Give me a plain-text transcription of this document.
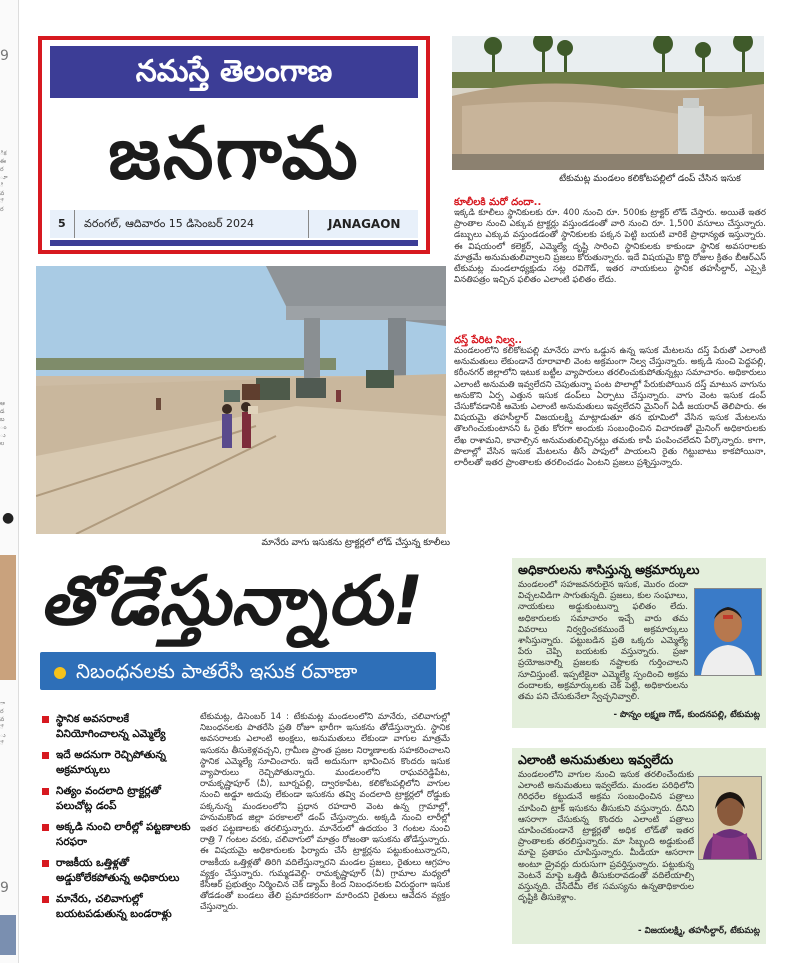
9
ిక
ఈ
ర
ూ
ి
వ
ే
ర
ఆ
డ
బ
ం
ు
ల
●
ా
ర
వ
ే
ు
ే
9
నమస్తే తెలంగాణ
జనగామ
5 వరంగల్, ఆదివారం 15 డిసెంబర్ 2024	JANAGAON
టేకుమట్ల మండలం కలికోటపల్లిలో డంప్ చేసిన ఇసుక
కూలీలకి మరో దందా..
ఇక్కడి కూలీలు స్థానికులకు రూ. 400 నుంచి రూ. 500కు ట్రాక్టర్ లోడ్ చేస్తారు. అయితే ఇతర ప్రాంతాల నుంచి ఎక్కువ ట్రాక్టర్లు వస్తుండడంతో వారి నుంచి రూ. 1,500 వసూలు చేస్తున్నారు. డబ్బులు ఎక్కువ వస్తుండడంతో స్థానికులకు పక్కన పెట్టి బయటి వారికే ప్రాధాన్యత ఇస్తున్నారు. ఈ విషయంలో కలెక్టర్, ఎమ్మెల్యే దృష్టి సారించి స్థానికులకు కాకుండా స్థానిక అవసరాలకు మాత్రమే అనుమతులివ్వాలని ప్రజలు కోరుతున్నారు. ఇదే విషయమై కొద్ది రోజుల క్రితం బీఆర్ఎస్ టేకుమట్ల మండలాధ్యక్షుడు సట్ల రవిగౌడ్, ఇతర నాయకులు స్థానిక తహసీల్దార్, ఎస్పైకి వినతిపత్రం ఇచ్చిన ఫలితం ఎలాంటి ఫలితం లేదు.
దస్త్ పేరిట నిల్వ..
మండలంలోని కలికోటపల్లి మానేరు వాగు ఒడ్డున ఉన్న ఇసుక మేటలను దస్త్ పేరుతో ఎలాంటి అనుమతులు లేకుండానే రూరావాలి వెంట అక్రమంగా నిల్వ చేస్తున్నారు. అక్కడి నుంచి పెద్దపల్లి, కరీంనగర్ జిల్లాలోని ఇటుక బట్టీల వ్యాపారులు తరలించుకుపోతున్నట్లు సమాచారం. అధికారులు ఎలాంటి అనుమతి ఇవ్వలేదని చెపుతున్నా పంట పొలాల్లో పేరుకుపోయిన దస్త్ మాటున వాగును అనుకొని ఏర్ప ఎత్తున ఇసుక డంప్‌లు ఏర్పాటు చేస్తున్నారు. వాగు వెంట ఇసుక డంప్ చేసుకోవడానికి ఆమెకు ఎలాంటి అనుమతులు ఇవ్వలేదని మైనింగ్ ఏడీ జయరావ్ తెలిపారు. ఈ విషయమై తహసీల్దార్ విజయలక్ష్మి మాట్లాడుతూ తన భూమిలో వేసిన ఇసుక మేటలను తొలగించుకుంటానని ఓ రైతు కోరగా అందుకు సంబంధించిన విచారణతో మైనింగ్ అధికారులకు లేఖ రాశామని, కావాల్సిన అనుమతులిచ్చినట్లు తమకు కాపీ పంపించలేదని పేర్కొన్నారు. కాగా, పొలాల్లో వేసిన ఇసుక మేటలను తీసే పాపులో పాయలని రైతు గిట్టుబాటు కాకపోయినా, లారీలతో ఇతర ప్రాంతాలకు తరలించడం ఏంటని ప్రజలు ప్రశ్నిస్తున్నారు.
మానేరు వాగు ఇసుకను ట్రాక్టర్లలో లోడ్ చేస్తున్న కూలీలు
తోడేస్తున్నారు!
నిబంధనలకు పాతరేసి ఇసుక రవాణా
స్థానిక అవసరాలకే వినియోగించాలన్న ఎమ్మెల్యే
ఇదే అదనుగా రెచ్చిపోతున్న అక్రమార్కులు
నిత్యం వందలాది ట్రాక్టర్లతో పలుచోట్ల డంప్
అక్కడి నుంచి లారీల్లో పట్టణాలకు సరఫరా
రాజకీయ ఒత్తిళ్లతో అడ్డుకోలేకపోతున్న అధికారులు
మానేరు, చలివాగుల్లో బయటపడుతున్న బండరాళ్లు
టేకుమట్ల, డిసెంబర్ 14 : టేకుమట్ల మండలంలోని మానేరు, చలివాగుల్లో నిబంధనలకు పాతరేసి ప్రతి రోజూ భారీగా ఇసుకను తోడేస్తున్నారు. స్థానిక అవసరాలకు ఎలాంటి అంక్షలు, అనుమతులు లేకుండా వాగుల మాత్రమే ఇసుకను తీసుకెళ్లవచ్చని, గ్రామీణ ప్రాంత ప్రజల నిర్మాణాలకు సహకరించాలని స్థానిక ఎమ్మెల్యే సూచించారు. ఇదే అదునుగా భావించిన కొందరు ఇసుక వ్యాపారులు రెచ్చిపోతున్నారు. మండలంలోని రాఘవరెడ్డిపేట, రామకృష్ణాపూర్ (వీ), బూర్నపల్లి, ద్వారకాపేట, కలికోటపల్లిలోని వాగుల నుంచి అడ్డూ అదుపు లేకుండా ఇసుకను తవ్వి వందలాది ట్రాక్టర్లలో రోడ్డుకు పక్కనున్న మండలంలోని ప్రధాన రహదారి వెంట ఉన్న గ్రామాల్లో, హనుమకొండ జిల్లా పరకాలలో డంప్ చేస్తున్నారు. అక్కడి నుంచి లారీల్లో ఇతర పట్టణాలకు తరలిస్తున్నారు. మానేరులో ఉదయం 3 గంటల నుంచి రాత్రి 7 గంటల వరకు, చలివాగులో మాత్రం రోజంతా ఇసుకను తోడేస్తున్నారు. ఈ విషయమై అధికారులకు ఫిర్యాదు చేసే ట్రాక్టర్లను పట్టుకుంటున్నారని, రాజకీయ ఒత్తిళ్లతో తిరిగి వదిలేస్తున్నారని మండల ప్రజలు, రైతులు ఆగ్రహం వ్యక్తం చేస్తున్నారు. గుమ్మడవెల్లి- రామకృష్ణాపూర్ (వీ) గ్రామాల మధ్యలో కేసీఆర్ ప్రభుత్వం నిర్మించిన చెక్ డ్యామ్ కింద నిబంధనలకు విరుద్ధంగా ఇసుక తోడడంతో బండలు తేలి ప్రమాదకరంగా మారిందని రైతులు ఆవేదన వ్యక్తం చేస్తున్నారు.
అధికారులను శాసిస్తున్న అక్రమార్కులు
మండలంలో సహజవనరులైన ఇసుక, మొరం దందా విచ్చలవిడిగా సాగుతున్నది. ప్రజలు, కుల సంఘాలు, నాయకులు అడ్డుకుంటున్నా ఫలితం లేదు. అధికారులకు సమాచారం ఇచ్చే వారు తమ వివరాలు నిర్వర్తించకముందే అక్రమార్కులు శాసిస్తున్నారు. పట్టుబడిన ప్రతి ఒక్కరు ఎమ్మెల్యే పేరు చెప్పి బయటకు వస్తున్నారు. ప్రజా ప్రయోజనాల్ని ప్రజలకు నష్టాలకు గుర్తించాలని సూచిస్తుంటే. ఇప్పటికైనా ఎమ్మెల్యే స్పందించి అక్రమ దందాలకు, అక్రమార్కులకు చెక్ పెట్టి, అధికారులను తమ పని చేసుకునేలా స్వేచ్ఛనివ్వాలి.
- పొన్నం లక్ష్మణ గౌడ్, కుందనపల్లి, టేకుమట్ల
ఎలాంటి అనుమతులు ఇవ్వలేదు
మండలంలోని వాగుల నుంచి ఇసుక తరలించేందుకు ఎలాంటి అనుమతులు ఇవ్వలేదు. మండల పరిధిలోని గిరిధరేల కట్టుడునే అక్రమ సంబంధించిన పత్రాలు చూపించి ట్రాక్ ఇసుకను తీసుకుని వస్తున్నారు. దీనిని ఆసరాగా చేసుకున్న కొందరు ఎలాంటి పత్రాలు చూపించకుండానే ట్రాక్టర్లతో అధిక లోడ్‌తో ఇతర ప్రాంతాలకు తరలిస్తున్నారు. మా సిబ్బంది అడ్డుకుంటే మాపై ప్రతాపం చూపిస్తున్నారు. మీడియా ఆసరాగా అంటూ డ్రైవర్లు దురుసుగా ప్రవర్తిస్తున్నారు. పట్టుకున్న వెంటనే మాపై ఒత్తిడి తీసుకురావడంతో వదిలేయాల్సి వస్తున్నది. చేసేదేమీ లేక సమస్యను ఉన్నతాధికారుల దృష్టికి తీసుకెళ్లాం.
- విజయలక్ష్మి, తహసీల్దార్, టేకుమట్ల
